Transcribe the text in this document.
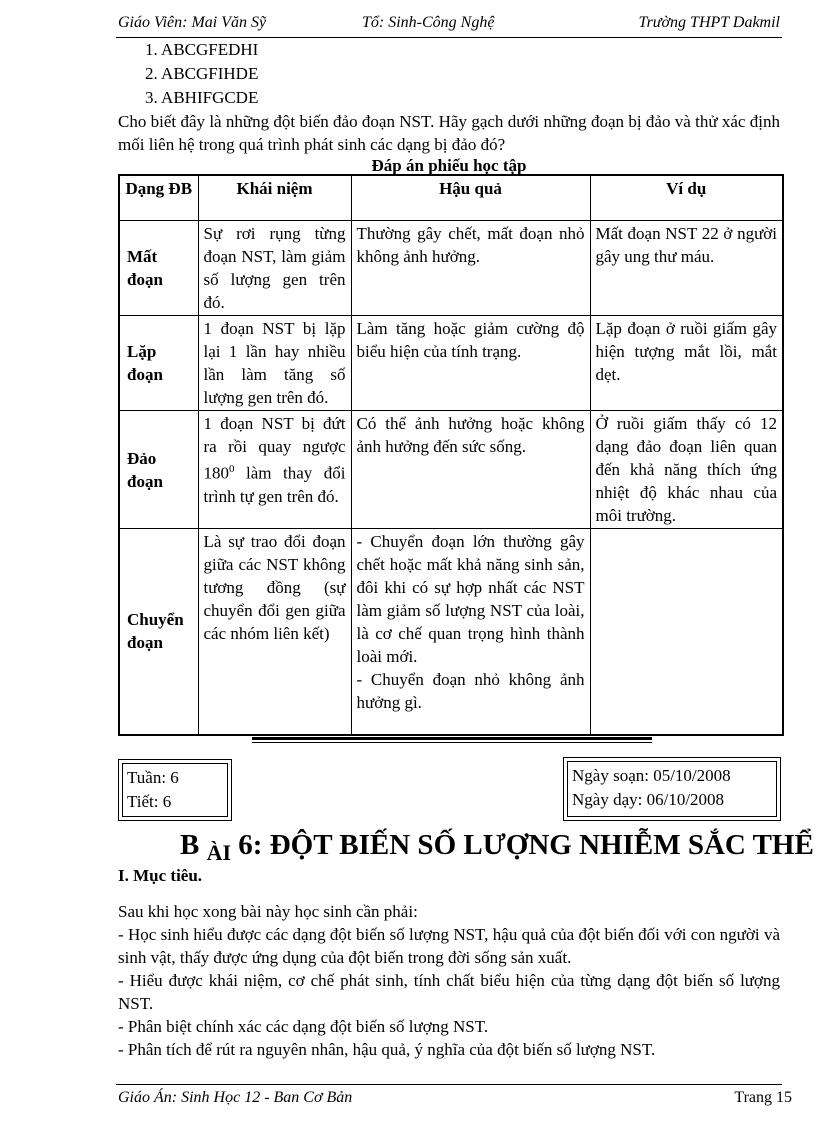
Giáo Viên: Mai Văn Sỹ	Tổ: Sinh-Công Nghệ	Trường THPT Dakmil
1. ABCGFEDHI
2. ABCGFIHDE
3. ABHIFGCDE
Cho biết đây là những đột biến đảo đoạn NST. Hãy gạch dưới những đoạn bị đảo và thử xác định mối liên hệ trong quá trình phát sinh các dạng bị đảo đó?
Đáp án phiếu học tập
Dạng ĐB	Khái niệm	Hậu quả	Ví dụ
Mất đoạn	Sự rơi rụng từng đoạn NST, làm giảm số lượng gen trên đó.	Thường gây chết, mất đoạn nhỏ không ảnh hưởng.	Mất đoạn NST 22 ở người gây ung thư máu.
Lặp đoạn	1 đoạn NST bị lặp lại 1 lần hay nhiều lần làm tăng số lượng gen trên đó.	Làm tăng hoặc giảm cường độ biểu hiện của tính trạng.	Lặp đoạn ở ruồi giấm gây hiện tượng mắt lồi, mắt dẹt.
Đảo đoạn	1 đoạn NST bị đứt ra rồi quay ngược $180^0$ làm thay đổi trình tự gen trên đó.	Có thể ảnh hưởng hoặc không ảnh hưởng đến sức sống.	Ở ruồi giấm thấy có 12 dạng đảo đoạn liên quan đến khả năng thích ứng nhiệt độ khác nhau của môi trường.
Chuyển đoạn	Là sự trao đổi đoạn giữa các NST không tương đồng (sự chuyển đổi gen giữa các nhóm liên kết)	- Chuyển đoạn lớn thường gây chết hoặc mất khả năng sinh sản, đôi khi có sự hợp nhất các NST làm giảm số lượng NST của loài, là cơ chế quan trọng hình thành loài mới.
- Chuyển đoạn nhỏ không ảnh hưởng gì.	

Tuần: 6
Tiết: 6
Ngày soạn: 05/10/2008
Ngày dạy: 06/10/2008
B $_{ÀI}$ 6: ĐỘT BIẾN SỐ LƯỢNG NHIỄM SẮC THỂ
I. Mục tiêu.
Sau khi học xong bài này học sinh cần phải:
- Học sinh hiểu được các dạng đột biến số lượng NST, hậu quả của đột biến đối với con người và sinh vật, thấy được ứng dụng của đột biến trong đời sống sản xuất.
- Hiểu được khái niệm, cơ chế phát sinh, tính chất biểu hiện của từng dạng đột biến số lượng NST.
- Phân biệt chính xác các dạng đột biến số lượng NST.
- Phân tích để rút ra nguyên nhân, hậu quả, ý nghĩa của đột biến số lượng NST.
Giáo Án: Sinh Học 12 - Ban Cơ Bản	Trang 15
